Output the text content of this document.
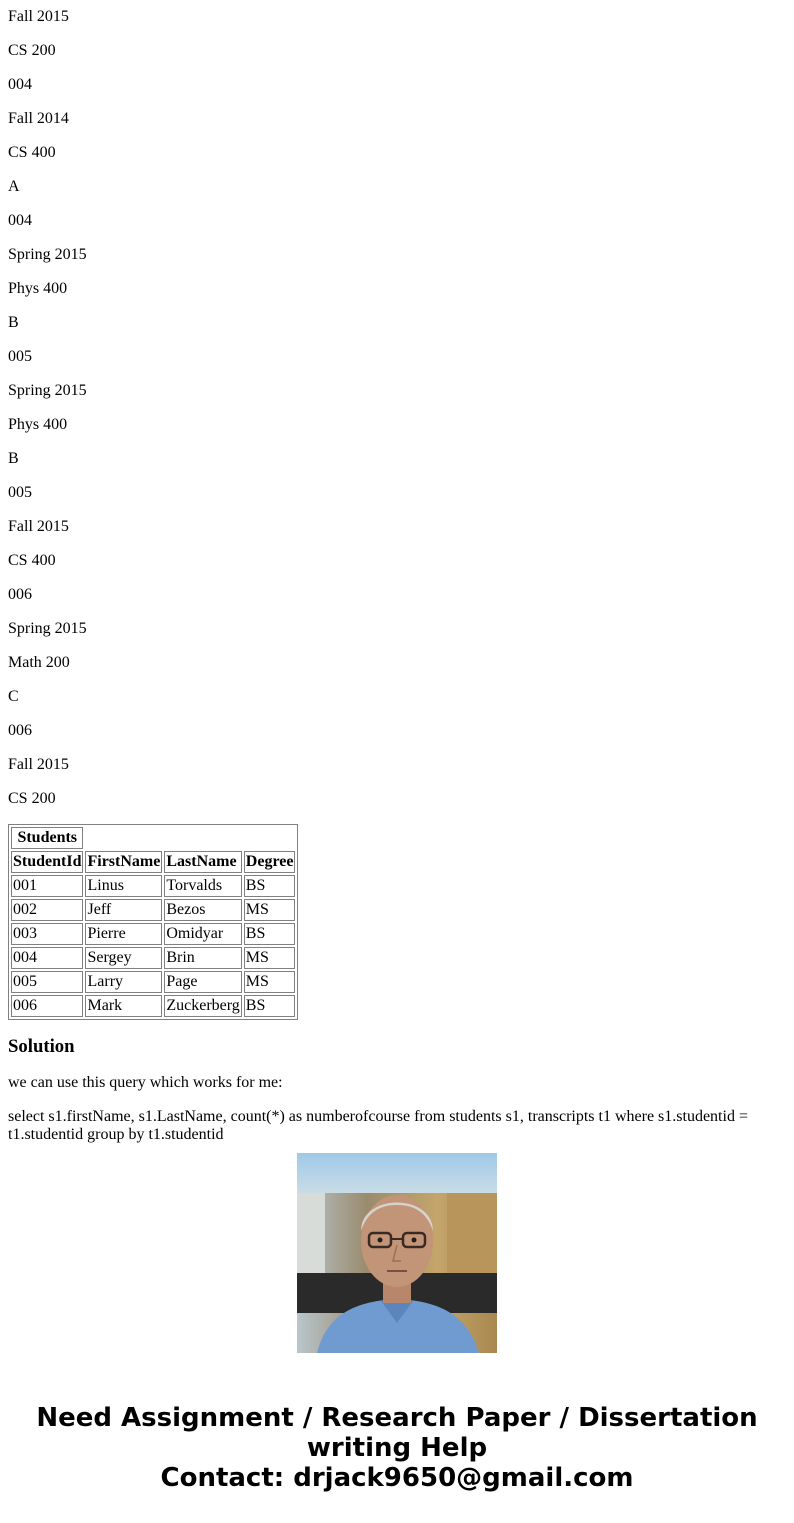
Fall 2015

CS 200

004

Fall 2014

CS 400

A

004

Spring 2015

Phys 400

B

005

Spring 2015

Phys 400

B

005

Fall 2015

CS 400

006

Spring 2015

Math 200

C

006

Fall 2015

CS 200

Students			
StudentId	FirstName	LastName	Degree
001	Linus	Torvalds	BS
002	Jeff	Bezos	MS
003	Pierre	Omidyar	BS
004	Sergey	Brin	MS
005	Larry	Page	MS
006	Mark	Zuckerberg	BS
Solution

we can use this query which works for me:

select s1.firstName, s1.LastName, count(*) as numberofcourse from students s1, transcripts t1 where s1.studentid = t1.studentid group by t1.studentid

Need Assignment / Research Paper / Dissertation
writing Help
Contact: drjack9650@gmail.com
